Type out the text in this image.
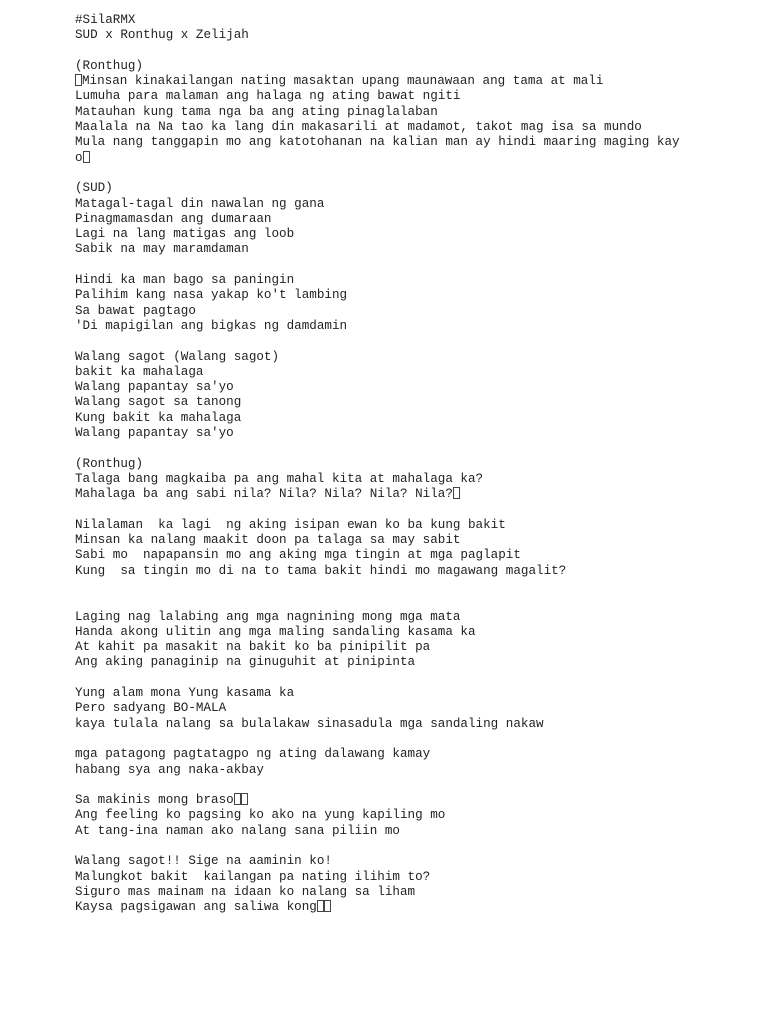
#SilaRMX
SUD x Ronthug x Zelijah
(Ronthug)
Minsan kinakailangan nating masaktan upang maunawaan ang tama at mali
Lumuha para malaman ang halaga ng ating bawat ngiti
Matauhan kung tama nga ba ang ating pinaglalaban
Maalala na Na tao ka lang din makasarili at madamot, takot mag isa sa mundo
Mula nang tanggapin mo ang katotohanan na kalian man ay hindi maaring maging kay
o
(SUD)
Matagal-tagal din nawalan ng gana
Pinagmamasdan ang dumaraan
Lagi na lang matigas ang loob
Sabik na may maramdaman
Hindi ka man bago sa paningin
Palihim kang nasa yakap ko't lambing
Sa bawat pagtago
'Di mapigilan ang bigkas ng damdamin
Walang sagot (Walang sagot)
bakit ka mahalaga
Walang papantay sa'yo
Walang sagot sa tanong
Kung bakit ka mahalaga
Walang papantay sa'yo
(Ronthug)
Talaga bang magkaiba pa ang mahal kita at mahalaga ka?
Mahalaga ba ang sabi nila? Nila? Nila? Nila? Nila?
Nilalaman  ka lagi  ng aking isipan ewan ko ba kung bakit
Minsan ka nalang maakit doon pa talaga sa may sabit
Sabi mo  napapansin mo ang aking mga tingin at mga paglapit
Kung  sa tingin mo di na to tama bakit hindi mo magawang magalit?
Laging nag lalabing ang mga nagnining mong mga mata
Handa akong ulitin ang mga maling sandaling kasama ka
At kahit pa masakit na bakit ko ba pinipilit pa
Ang aking panaginip na ginuguhit at pinipinta
Yung alam mona Yung kasama ka
Pero sadyang BO-MALA
kaya tulala nalang sa bulalakaw sinasadula mga sandaling nakaw
mga patagong pagtatagpo ng ating dalawang kamay
habang sya ang naka-akbay
Sa makinis mong braso
Ang feeling ko pagsing ko ako na yung kapiling mo
At tang-ina naman ako nalang sana piliin mo
Walang sagot!! Sige na aaminin ko!
Malungkot bakit  kailangan pa nating ilihim to?
Siguro mas mainam na idaan ko nalang sa liham
Kaysa pagsigawan ang saliwa kong
